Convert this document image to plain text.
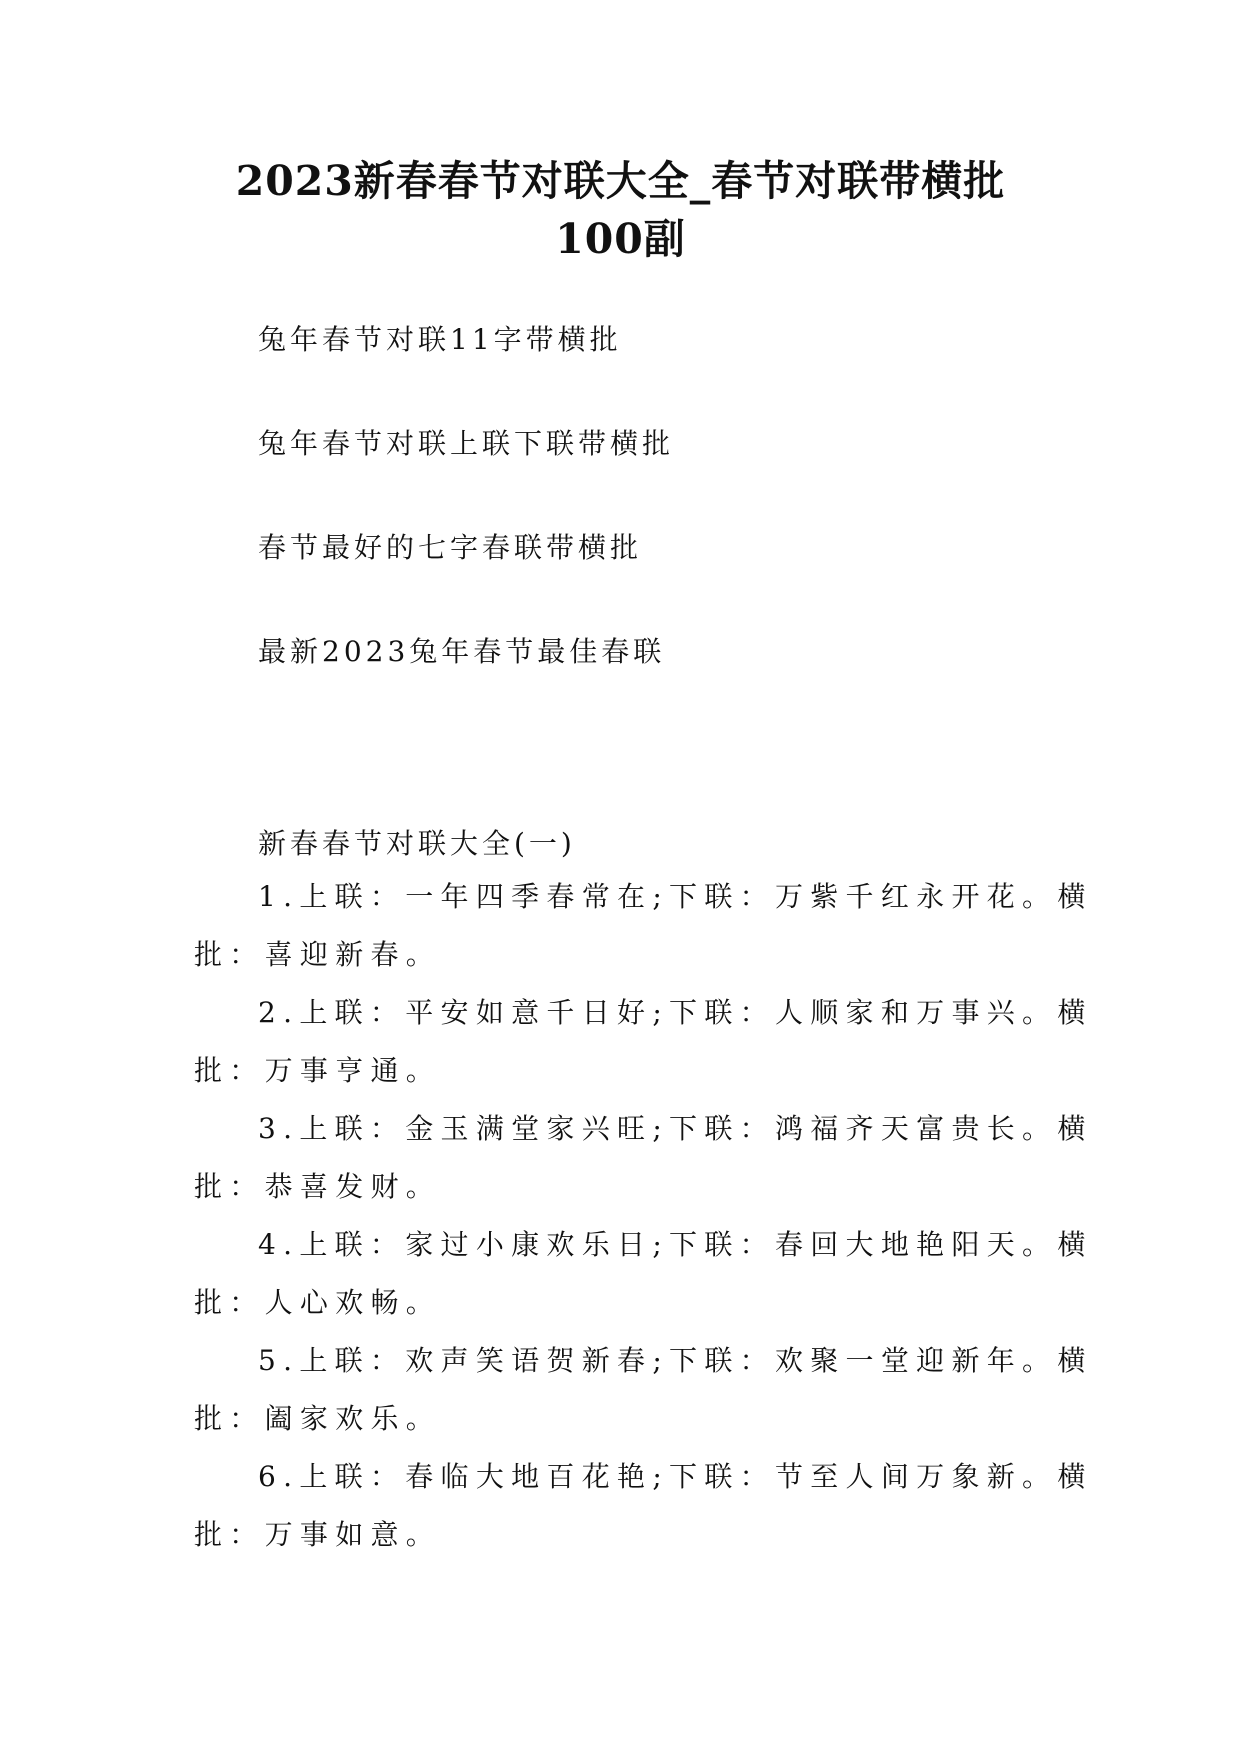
2023新春春节对联大全_春节对联带横批
100副
兔年春节对联11字带横批
兔年春节对联上联下联带横批
春节最好的七字春联带横批
最新2023兔年春节最佳春联
新春春节对联大全(一)
1.上联：一年四季春常在;下联：万紫千红永开花。横
批：喜迎新春。
2.上联：平安如意千日好;下联：人顺家和万事兴。横
批：万事亨通。
3.上联：金玉满堂家兴旺;下联：鸿福齐天富贵长。横
批：恭喜发财。
4.上联：家过小康欢乐日;下联：春回大地艳阳天。横
批：人心欢畅。
5.上联：欢声笑语贺新春;下联：欢聚一堂迎新年。横
批：阖家欢乐。
6.上联：春临大地百花艳;下联：节至人间万象新。横
批：万事如意。
